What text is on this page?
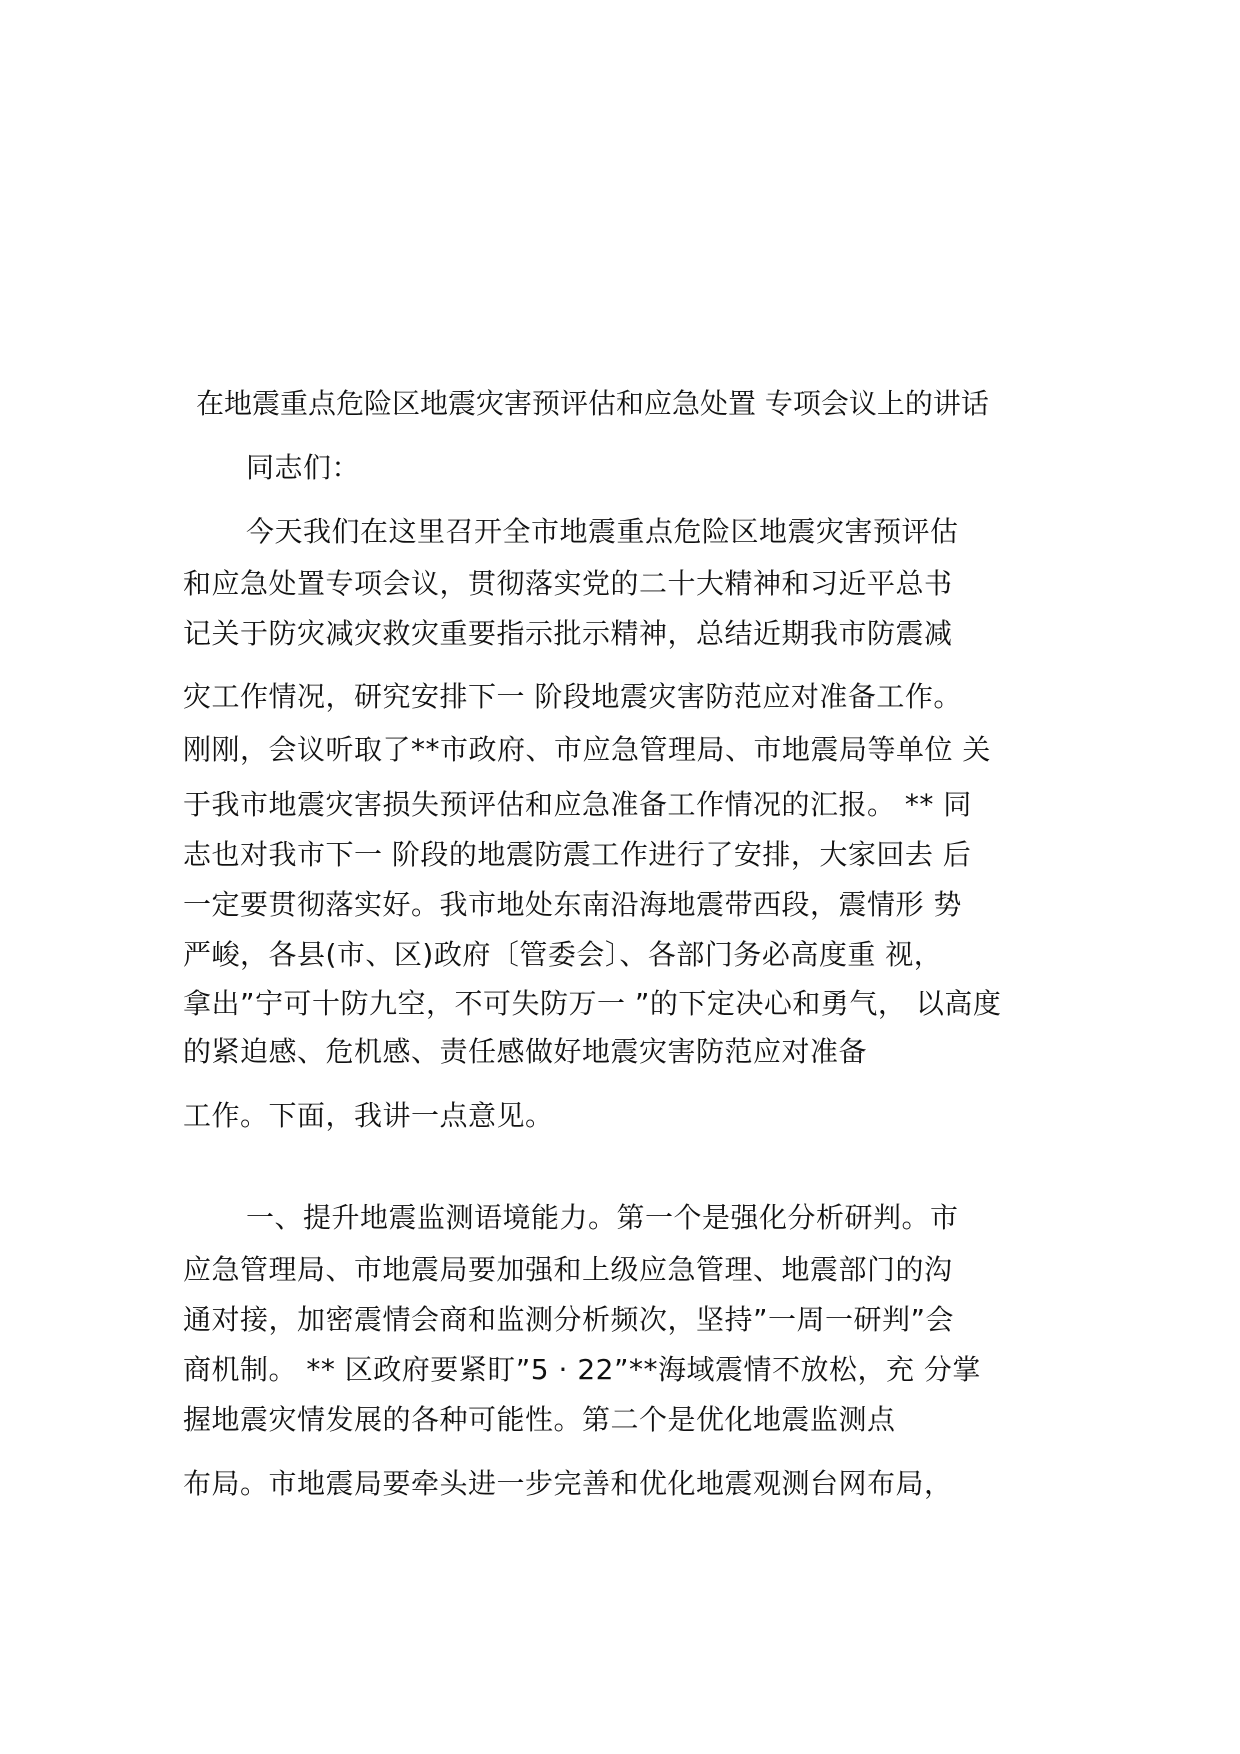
在地震重点危险区地震灾害预评估和应急处置 专项会议上的讲话
同志们：
今天我们在这里召开全市地震重点危险区地震灾害预评估
和应急处置专项会议，贯彻落实党的二十大精神和习近平总书
记关于防灾减灾救灾重要指示批示精神，总结近期我市防震减
灾工作情况，研究安排下一 阶段地震灾害防范应对准备工作。
刚刚，会议听取了**市政府、市应急管理局、市地震局等单位 关
于我市地震灾害损失预评估和应急准备工作情况的汇报。 ** 同
志也对我市下一 阶段的地震防震工作进行了安排，大家回去 后
一定要贯彻落实好。我市地处东南沿海地震带西段，震情形 势
严峻，各县(市、区)政府〔管委会〕、各部门务必高度重 视，
拿出”宁可十防九空，不可失防万一 ”的下定决心和勇气， 以高度
的紧迫感、危机感、责任感做好地震灾害防范应对准备
工作。下面，我讲一点意见。
一、提升地震监测语境能力。第一个是强化分析研判。市
应急管理局、市地震局要加强和上级应急管理、地震部门的沟
通对接，加密震情会商和监测分析频次，坚持”一周一研判”会
商机制。 ** 区政府要紧盯”5 · 22”**海域震情不放松，充 分掌
握地震灾情发展的各种可能性。第二个是优化地震监测点
布局。市地震局要牵头进一步完善和优化地震观测台网布局，
